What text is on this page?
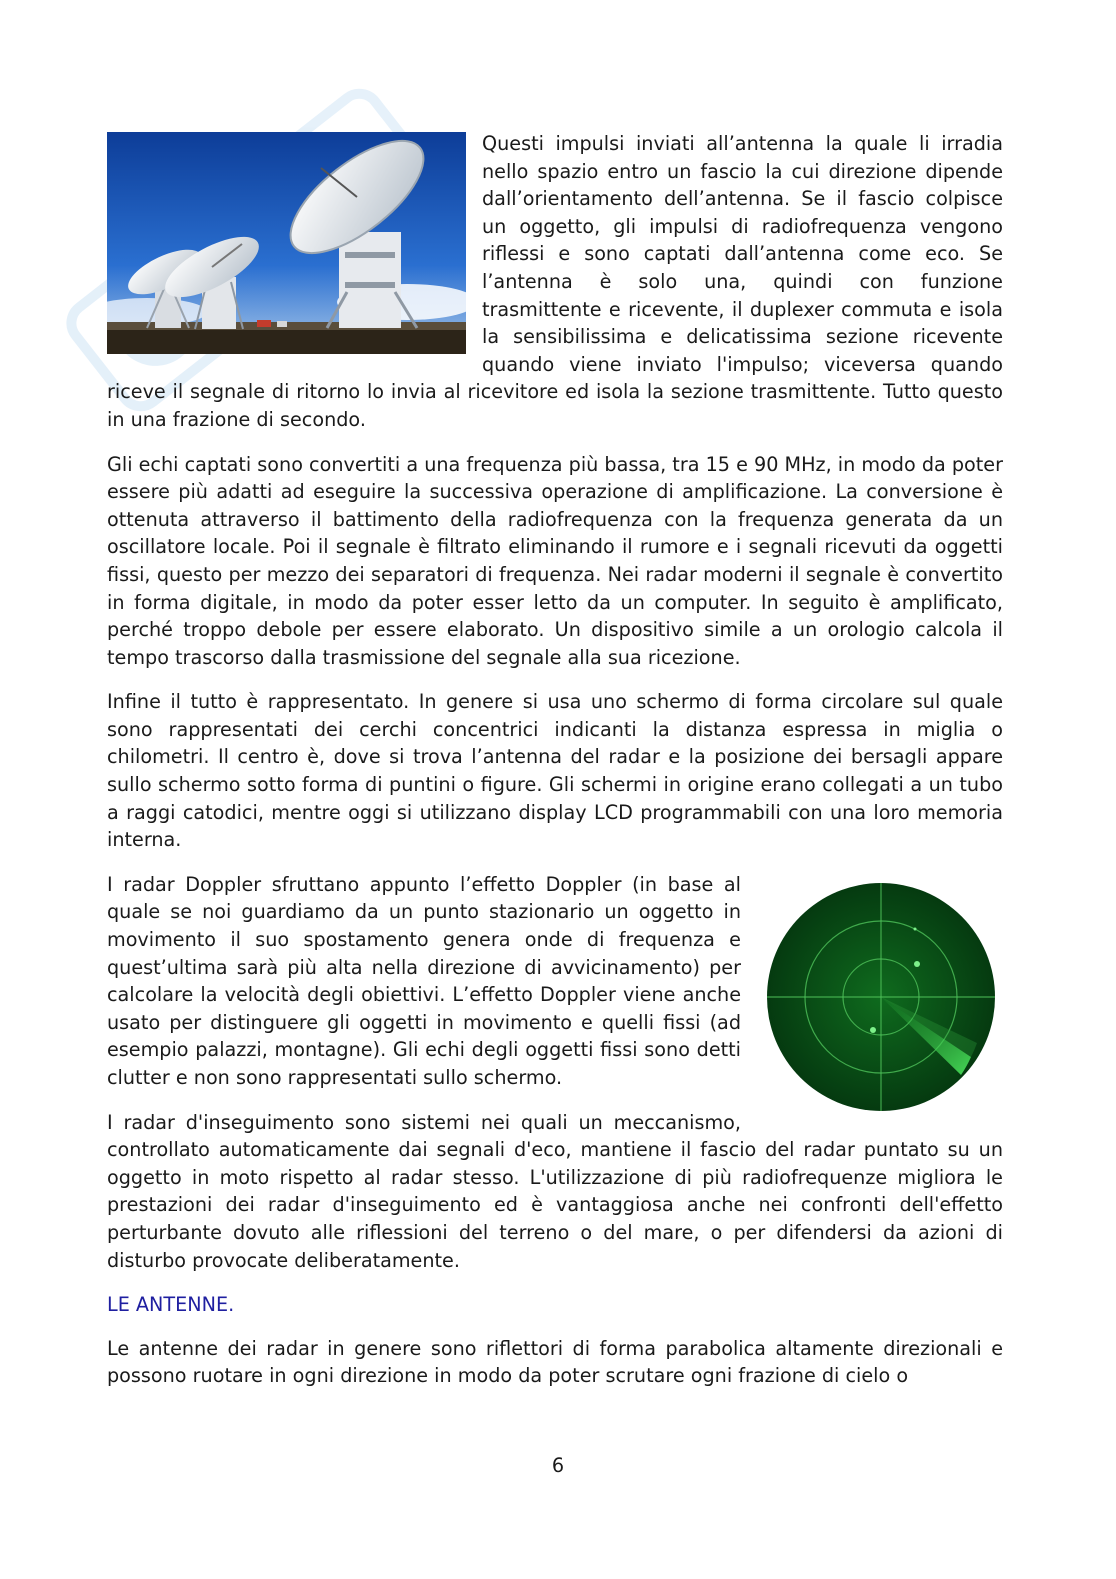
Questi impulsi inviati all’antenna la quale li irradia nello spazio entro un fascio la cui direzione dipende dall’orientamento dell’antenna. Se il fascio colpisce un oggetto, gli impulsi di radiofrequenza vengono riflessi e sono captati dall’antenna come eco. Se l’antenna è solo una, quindi con funzione trasmittente e ricevente, il duplexer commuta e isola la sensibilissima e delicatissima sezione ricevente quando viene inviato l'impulso; viceversa quando riceve il segnale di ritorno lo invia al ricevitore ed isola la sezione trasmittente. Tutto questo in una frazione di secondo.

Gli echi captati sono convertiti a una frequenza più bassa, tra 15 e 90 MHz, in modo da poter essere più adatti ad eseguire la successiva operazione di amplificazione. La conversione è ottenuta attraverso il battimento della radiofrequenza con la frequenza generata da un oscillatore locale. Poi il segnale è filtrato eliminando il rumore e i segnali ricevuti da oggetti fissi, questo per mezzo dei separatori di frequenza. Nei radar moderni il segnale è convertito in forma digitale, in modo da poter esser letto da un computer. In seguito è amplificato, perché troppo debole per essere elaborato. Un dispositivo simile a un orologio calcola il tempo trascorso dalla trasmissione del segnale alla sua ricezione.

Infine il tutto è rappresentato. In genere si usa uno schermo di forma circolare sul quale sono rappresentati dei cerchi concentrici indicanti la distanza espressa in miglia o chilometri. Il centro è, dove si trova l’antenna del radar e la posizione dei bersagli appare sullo schermo sotto forma di puntini o figure. Gli schermi in origine erano collegati a un tubo a raggi catodici, mentre oggi si utilizzano display LCD programmabili con una loro memoria interna.

I radar Doppler sfruttano appunto l’effetto Doppler (in base al quale se noi guardiamo da un punto stazionario un oggetto in movimento il suo spostamento genera onde di frequenza e quest’ultima sarà più alta nella direzione di avvicinamento) per calcolare la velocità degli obiettivi. L’effetto Doppler viene anche usato per distinguere gli oggetti in movimento e quelli fissi (ad esempio palazzi, montagne). Gli echi degli oggetti fissi sono detti clutter e non sono rappresentati sullo schermo.

I radar d'inseguimento sono sistemi nei quali un meccanismo, controllato automaticamente dai segnali d'eco, mantiene il fascio del radar puntato su un oggetto in moto rispetto al radar stesso. L'utilizzazione di più radiofrequenze migliora le prestazioni dei radar d'inseguimento ed è vantaggiosa anche nei confronti dell'effetto perturbante dovuto alle riflessioni del terreno o del mare, o per difendersi da azioni di disturbo provocate deliberatamente.

LE ANTENNE.

Le antenne dei radar in genere sono riflettori di forma parabolica altamente direzionali e possono ruotare in ogni direzione in modo da poter scrutare ogni frazione di cielo o

6
